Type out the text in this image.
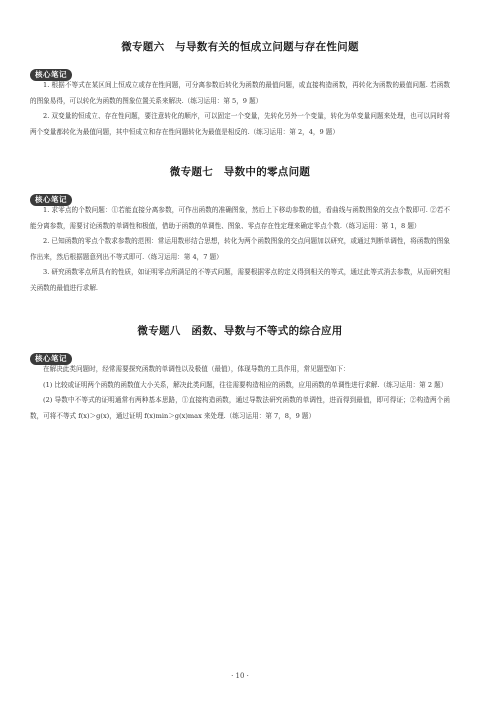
微专题六　与导数有关的恒成立问题与存在性问题
核心笔记

1. 根据不等式在某区间上恒成立或存在性问题，可分离参数后转化为函数的最值问题，或直接构造函数，再转化为函数的最值问题. 若函数的图象易得，可以转化为函数的图象位置关系来解决.（练习运用：第 5，9 题）

2. 双变量的恒成立、存在性问题，要注意转化的顺序，可以固定一个变量，先转化另外一个变量，转化为单变量问题来处理，也可以同时将两个变量都转化为最值问题，其中恒成立和存在性问题转化为最值是相反的.（练习运用：第 2，4，9 题）

微专题七　导数中的零点问题
核心笔记

1. 求零点的个数问题：①若能直接分离参数，可作出函数的准确图象，然后上下移动参数的值，看曲线与函数图象的交点个数即可. ②若不能分离参数，需要讨论函数的单调性和极值，借助于函数的单调性、图象、零点存在性定理来确定零点个数.（练习运用：第 1，8 题）

2. 已知函数的零点个数求参数的范围：常运用数形结合思想，转化为两个函数图象的交点问题加以研究，或通过判断单调性，将函数的图象作出来，然后根据题意列出不等式即可.（练习运用：第 4，7 题）

3. 研究函数零点所具有的性质，如证明零点所满足的不等式问题，需要根据零点的定义得到相关的等式，通过此等式消去参数，从而研究相关函数的最值进行求解.

微专题八　函数、导数与不等式的综合应用
核心笔记

在解决此类问题时，经常需要探究函数的单调性以及极值（最值），体现导数的工具作用，常见题型如下：

(1) 比较或证明两个函数的函数值大小关系，解决此类问题，往往需要构造相应的函数，应用函数的单调性进行求解.（练习运用：第 2 题）

(2) 导数中不等式的证明通常有两种基本思路，①直接构造函数，通过导数法研究函数的单调性，进而得到最值，即可得证；②构造两个函数，可将不等式 f(x)＞g(x)，通过证明 f(x)min＞g(x)max 来处理.（练习运用：第 7，8，9 题）

· 10 ·
